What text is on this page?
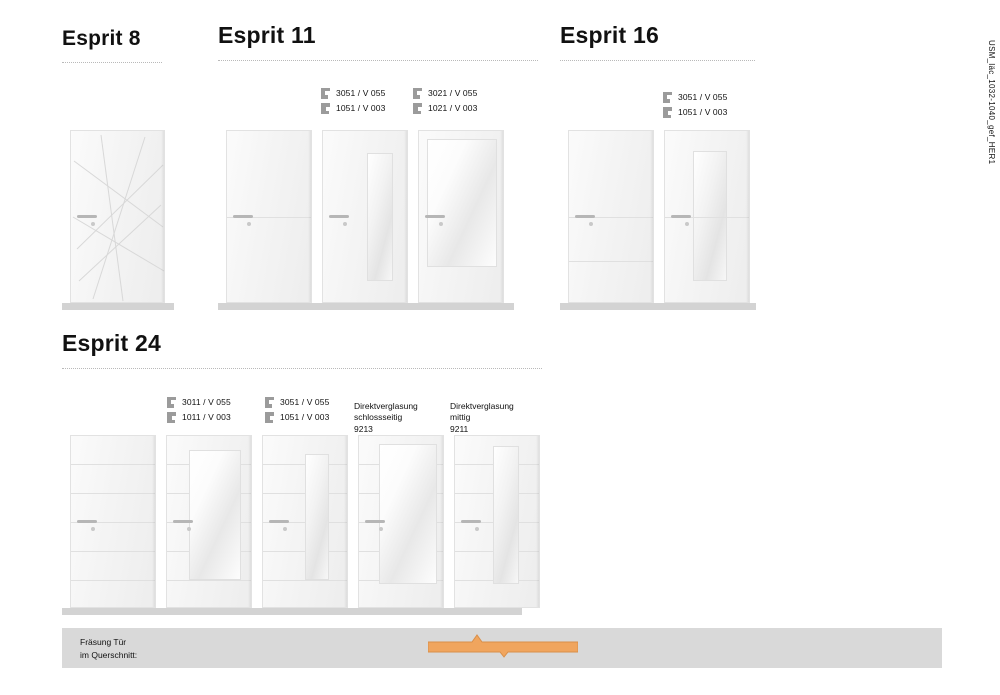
Esprit 8	Esprit 11
3051 / V 055
1051 / V 003
3021 / V 055
1021 / V 003
Esprit 16
3051 / V 055
1051 / V 003
Esprit 24
3011 / V 055
1011 / V 003
3051 / V 055
1051 / V 003
Direktverglasung
schlossseitig
9213
Direktverglasung
mittig
9211
Fräsung Tür
im Querschnitt:
USM_läc_1032-1040_gef_HER1
